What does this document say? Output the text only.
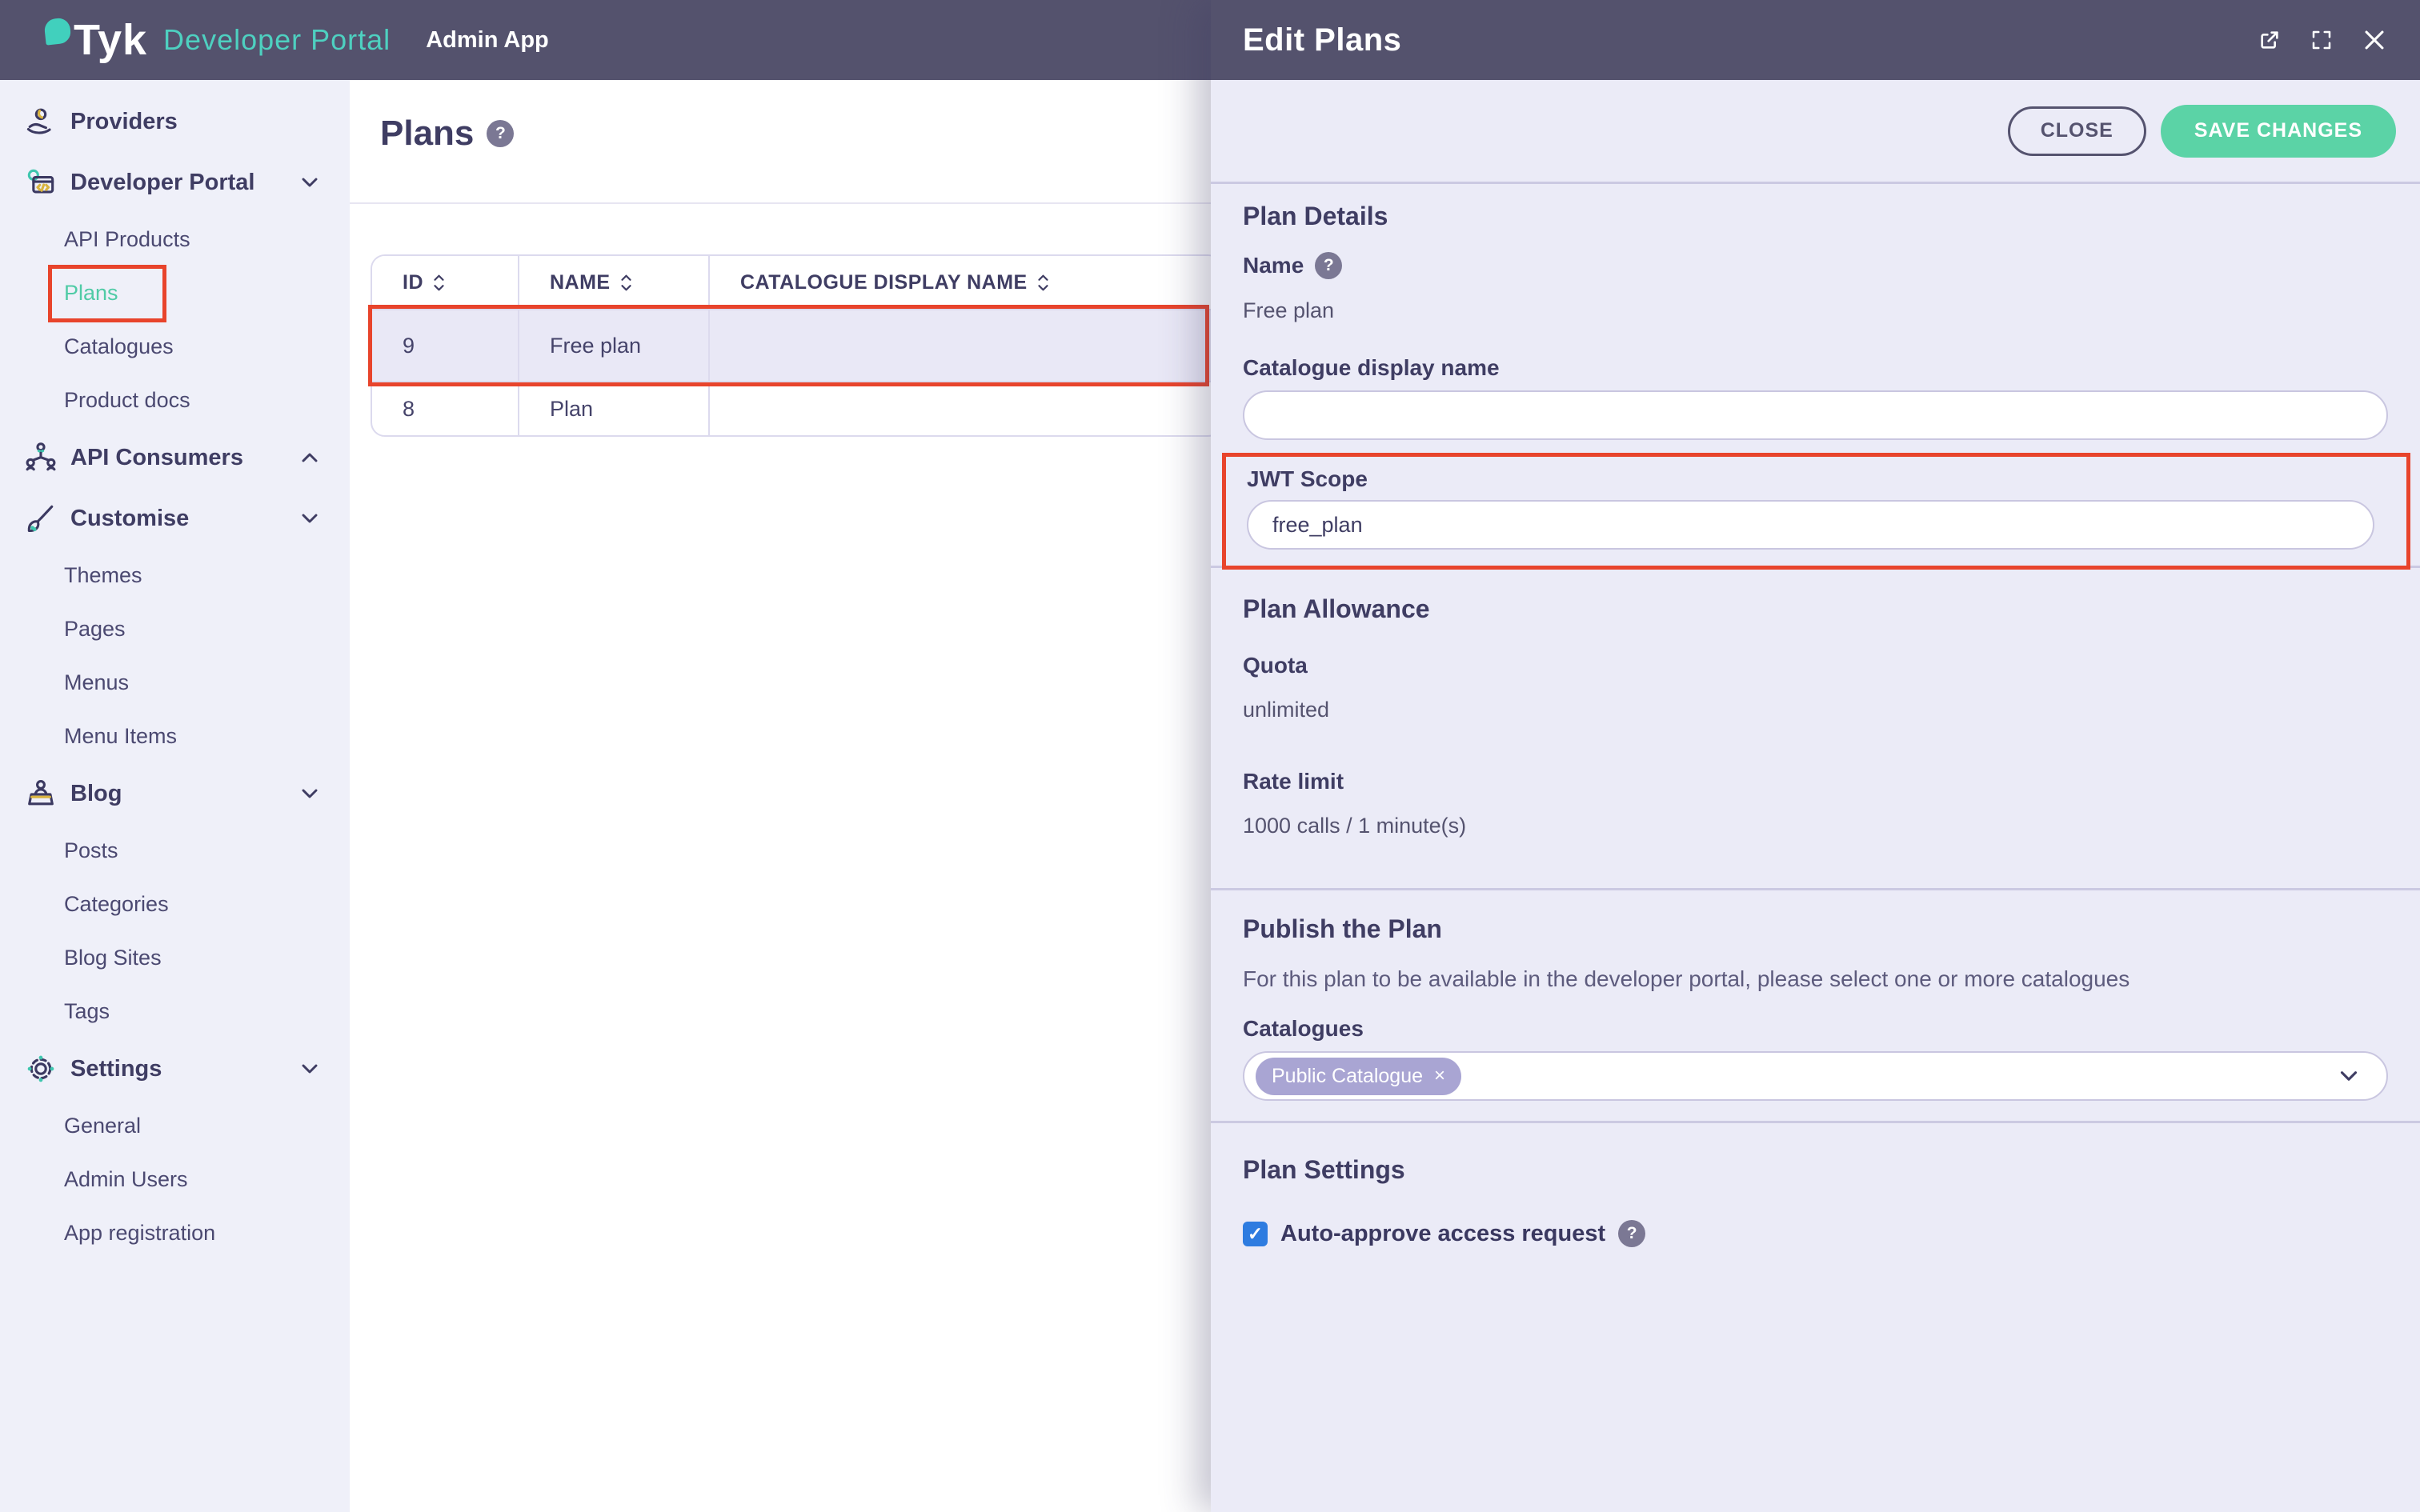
Tyk Developer Portal Admin App
Providers
Developer Portal
API Products
Plans
Catalogues
Product docs
API Consumers
Customise
Themes
Pages
Menus
Menu Items
Blog
Posts
Categories
Blog Sites
Tags
Settings
General
Admin Users
App registration
Plans	?
ID	NAME	CATALOGUE DISPLAY NAME
9	Free plan
8	Plan
Edit Plans
CLOSE	SAVE CHANGES
Plan Details
Name	?
Free plan
Catalogue display name
JWT Scope
free_plan
Plan Allowance
Quota
unlimited
Rate limit
1000 calls / 1 minute(s)
Publish the Plan
For this plan to be available in the developer portal, please select one or more catalogues
Catalogues
Public Catalogue ×
Plan Settings
✓ Auto-approve access request	?
